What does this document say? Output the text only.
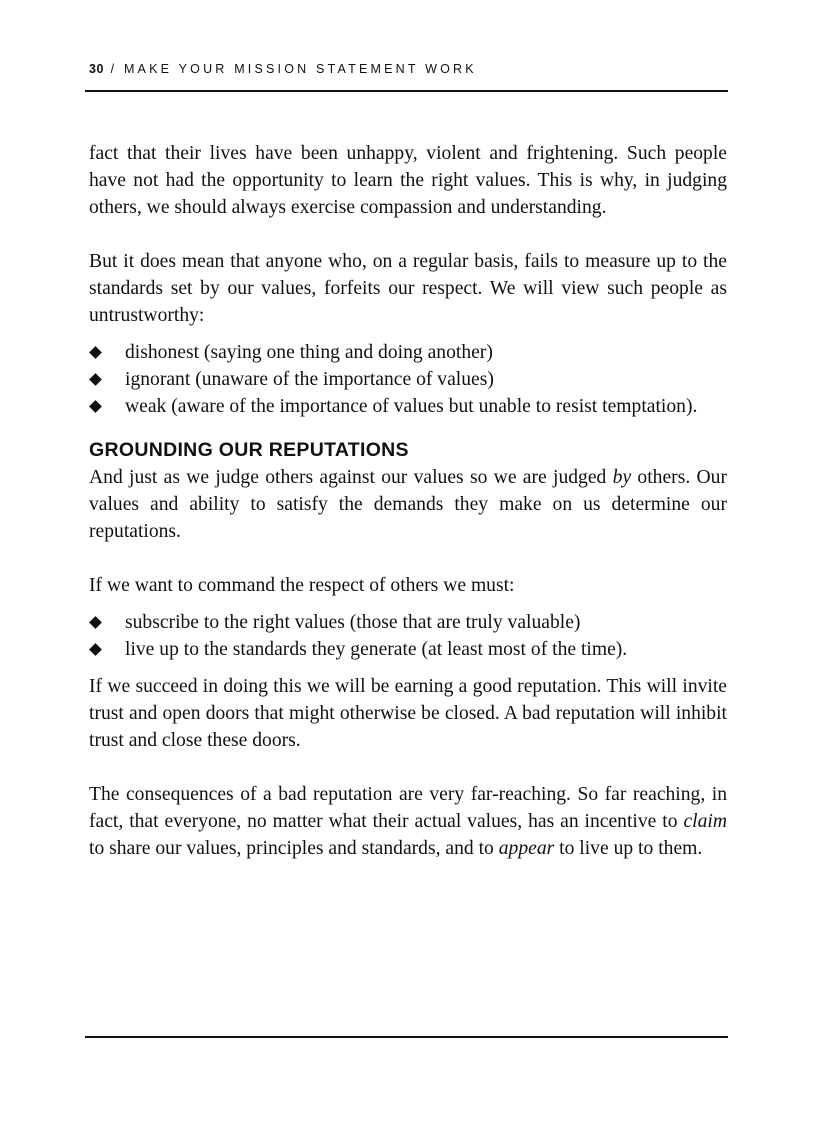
30 / MAKE YOUR MISSION STATEMENT WORK

fact that their lives have been unhappy, violent and frightening. Such people have not had the opportunity to learn the right values. This is why, in judging others, we should always exercise compassion and understanding.

But it does mean that anyone who, on a regular basis, fails to measure up to the standards set by our values, forfeits our respect. We will view such people as untrustworthy:

dishonest (saying one thing and doing another)
ignorant (unaware of the importance of values)
weak (aware of the importance of values but unable to resist temptation).
GROUNDING OUR REPUTATIONS

And just as we judge others against our values so we are judged by others. Our values and ability to satisfy the demands they make on us determine our reputations.

If we want to command the respect of others we must:

subscribe to the right values (those that are truly valuable)
live up to the standards they generate (at least most of the time).

If we succeed in doing this we will be earning a good reputation. This will invite trust and open doors that might otherwise be closed. A bad reputation will inhibit trust and close these doors.

The consequences of a bad reputation are very far-reaching. So far reaching, in fact, that everyone, no matter what their actual values, has an incentive to claim to share our values, principles and standards, and to appear to live up to them.
